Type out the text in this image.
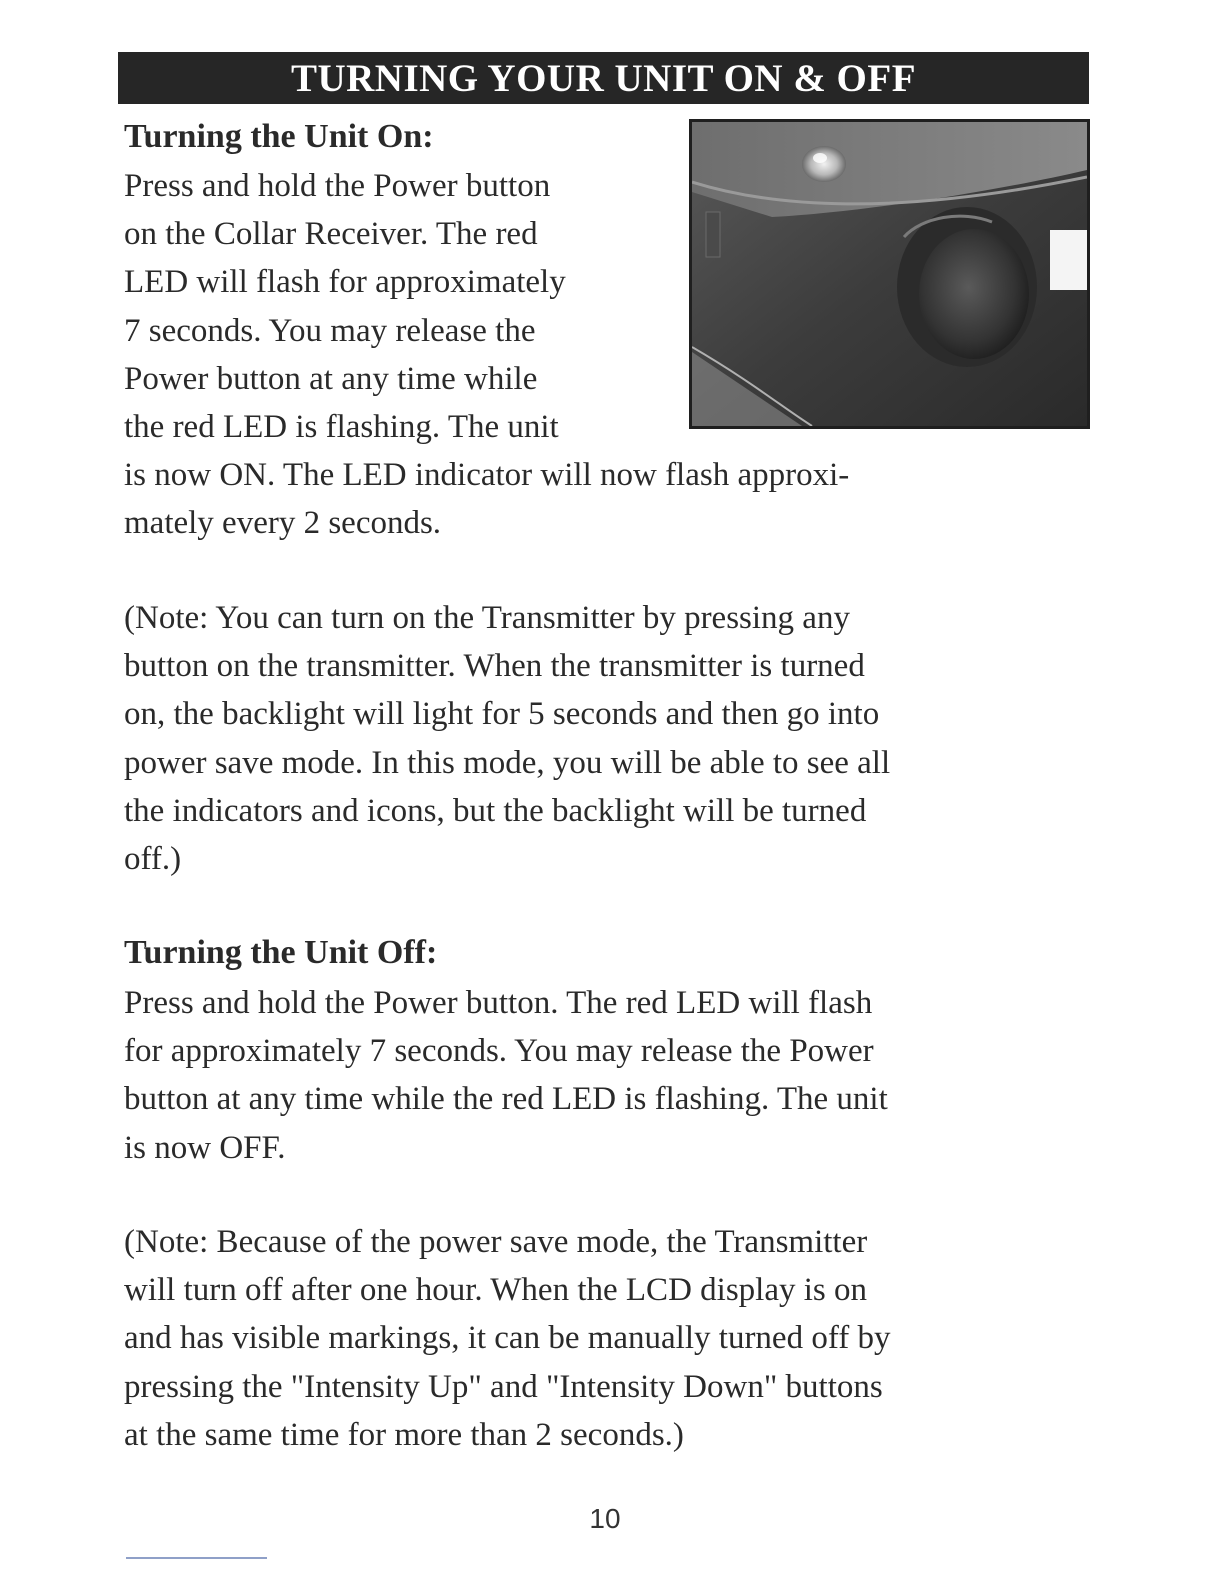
TURNING YOUR UNIT ON & OFF
Turning the Unit On:
Press and hold the Power button
on the Collar Receiver. The red
LED will flash for approximately
7 seconds. You may release the
Power button at any time while
the red LED is flashing. The unit
is now ON. The LED indicator will now flash approxi-
mately every 2 seconds.
(Note: You can turn on the Transmitter by pressing any
button on the transmitter. When the transmitter is turned
on, the backlight will light for 5 seconds and then go into
power save mode. In this mode, you will be able to see all
the indicators and icons, but the backlight will be turned
off.)
Turning the Unit Off:
Press and hold the Power button. The red LED will flash
for approximately 7 seconds. You may release the Power
button at any time while the red LED is flashing. The unit
is now OFF.
(Note: Because of the power save mode, the Transmitter
will turn off after one hour. When the LCD display is on
and has visible markings, it can be manually turned off by
pressing the "Intensity Up" and "Intensity Down" buttons
at the same time for more than 2 seconds.)
10
